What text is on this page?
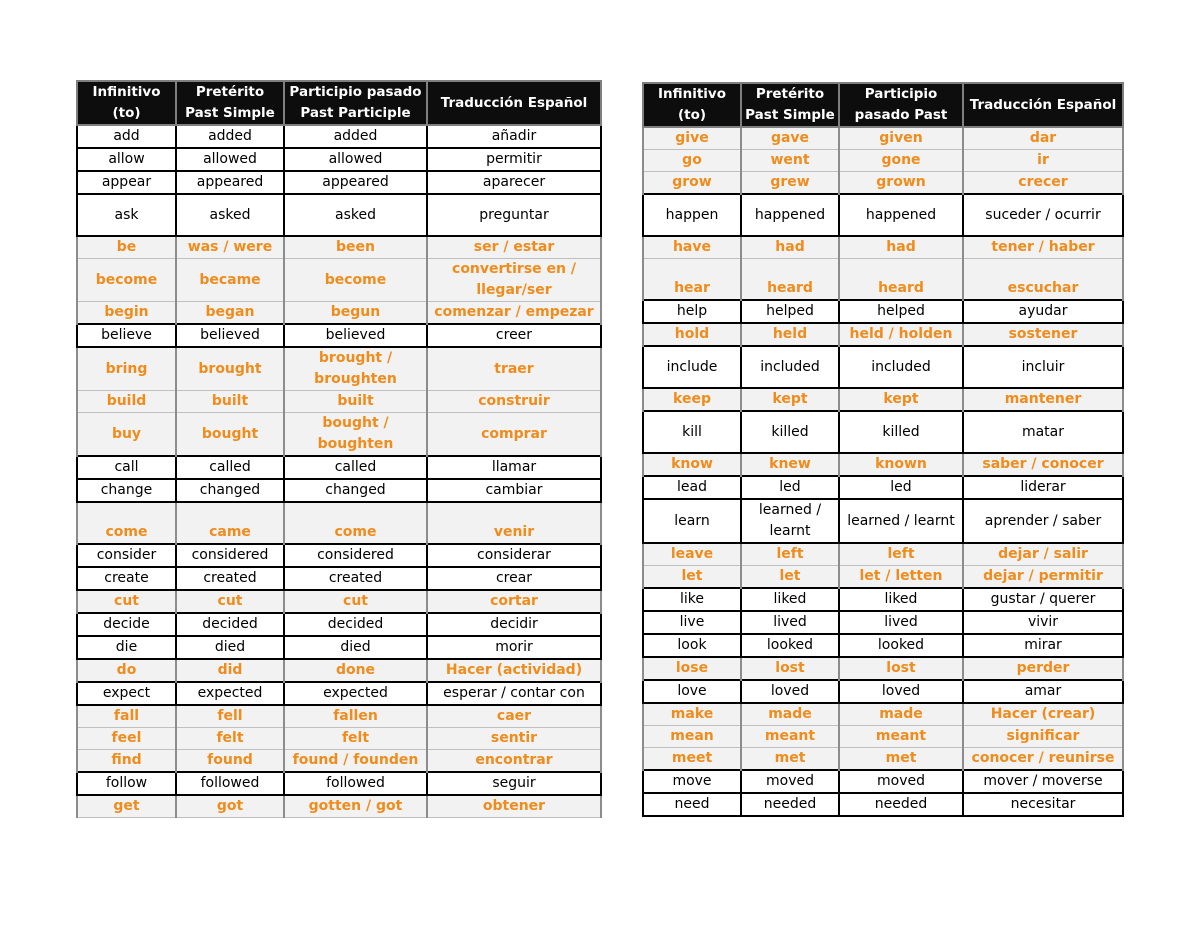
Infinitivo (to)	Pretérito Past Simple	Participio pasado Past Participle	Traducción Español
add	added	added	añadir
allow	allowed	allowed	permitir
appear	appeared	appeared	aparecer
ask	asked	asked	preguntar
be	was / were	been	ser / estar
become	became	become	convertirse en / llegar/ser
begin	began	begun	comenzar / empezar
believe	believed	believed	creer
bring	brought	brought / broughten	traer
build	built	built	construir
buy	bought	bought / boughten	comprar
call	called	called	llamar
change	changed	changed	cambiar
come	came	come	venir
consider	considered	considered	considerar
create	created	created	crear
cut	cut	cut	cortar
decide	decided	decided	decidir
die	died	died	morir
do	did	done	Hacer (actividad)
expect	expected	expected	esperar / contar con
fall	fell	fallen	caer
feel	felt	felt	sentir
find	found	found / founden	encontrar
follow	followed	followed	seguir
get	got	gotten / got	obtener
Infinitivo (to)	Pretérito Past Simple	Participio pasado Past	Traducción Español
give	gave	given	dar
go	went	gone	ir
grow	grew	grown	crecer
happen	happened	happened	suceder / ocurrir
have	had	had	tener / haber
hear	heard	heard	escuchar
help	helped	helped	ayudar
hold	held	held / holden	sostener
include	included	included	incluir
keep	kept	kept	mantener
kill	killed	killed	matar
know	knew	known	saber / conocer
lead	led	led	liderar
learn	learned / learnt	learned / learnt	aprender / saber
leave	left	left	dejar / salir
let	let	let / letten	dejar / permitir
like	liked	liked	gustar / querer
live	lived	lived	vivir
look	looked	looked	mirar
lose	lost	lost	perder
love	loved	loved	amar
make	made	made	Hacer (crear)
mean	meant	meant	significar
meet	met	met	conocer / reunirse
move	moved	moved	mover / moverse
need	needed	needed	necesitar
